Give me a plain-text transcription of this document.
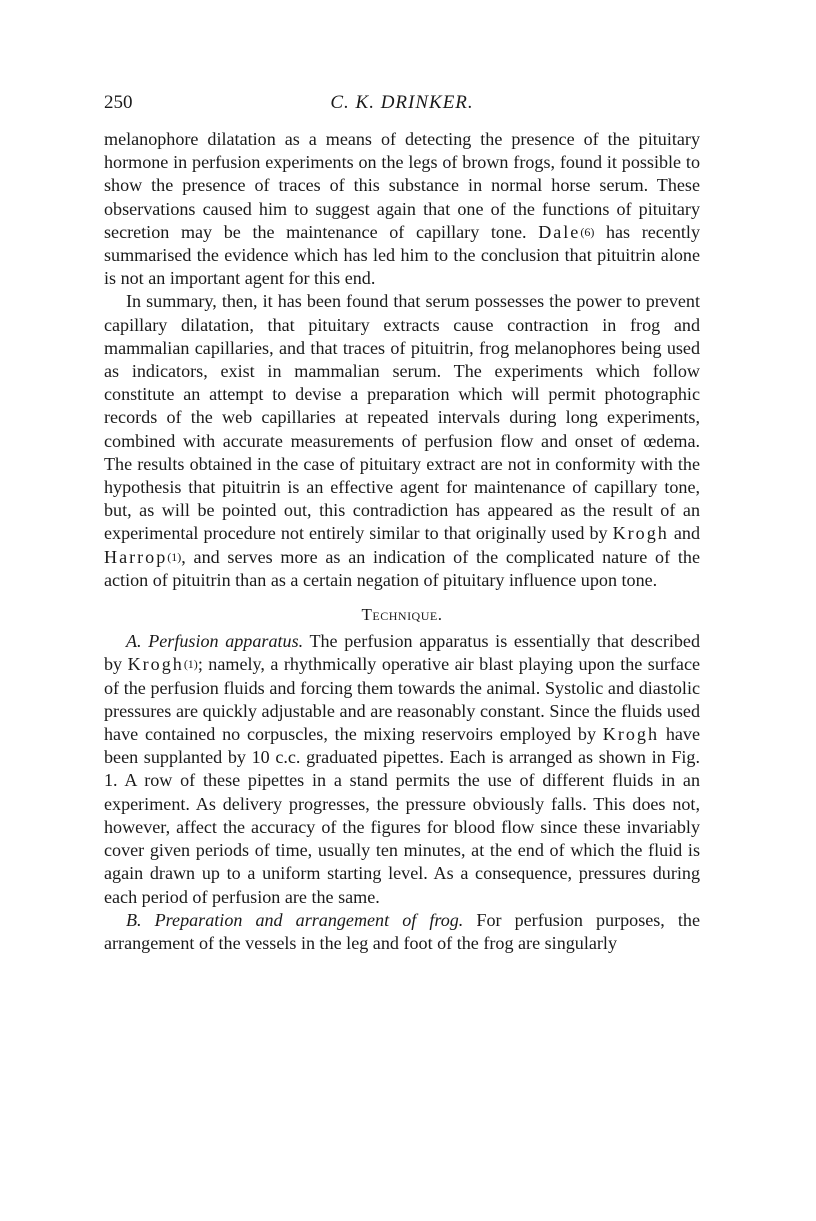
250	C. K. DRINKER.

melanophore dilatation as a means of detecting the presence of the pituitary hormone in perfusion experiments on the legs of brown frogs, found it possible to show the presence of traces of this substance in normal horse serum. These observations caused him to suggest again that one of the functions of pituitary secretion may be the maintenance of capillary tone. Dale(6) has recently summarised the evidence which has led him to the conclusion that pituitrin alone is not an important agent for this end.

In summary, then, it has been found that serum possesses the power to prevent capillary dilatation, that pituitary extracts cause contraction in frog and mammalian capillaries, and that traces of pituitrin, frog melanophores being used as indicators, exist in mammalian serum. The experiments which follow constitute an attempt to devise a preparation which will permit photographic records of the web capillaries at repeated intervals during long experiments, combined with accurate measurements of perfusion flow and onset of œdema. The results obtained in the case of pituitary extract are not in conformity with the hypothesis that pituitrin is an effective agent for maintenance of capillary tone, but, as will be pointed out, this contradiction has appeared as the result of an experimental procedure not entirely similar to that originally used by Krogh and Harrop(1), and serves more as an indication of the complicated nature of the action of pituitrin than as a certain negation of pituitary influence upon tone.

Technique.

A. Perfusion apparatus. The perfusion apparatus is essentially that described by Krogh(1); namely, a rhythmically operative air blast playing upon the surface of the perfusion fluids and forcing them towards the animal. Systolic and diastolic pressures are quickly adjustable and are reasonably constant. Since the fluids used have contained no corpuscles, the mixing reservoirs employed by Krogh have been supplanted by 10 c.c. graduated pipettes. Each is arranged as shown in Fig. 1. A row of these pipettes in a stand permits the use of different fluids in an experiment. As delivery progresses, the pressure obviously falls. This does not, however, affect the accuracy of the figures for blood flow since these invariably cover given periods of time, usually ten minutes, at the end of which the fluid is again drawn up to a uniform starting level. As a consequence, pressures during each period of perfusion are the same.

B. Preparation and arrangement of frog. For perfusion purposes, the arrangement of the vessels in the leg and foot of the frog are singularly
